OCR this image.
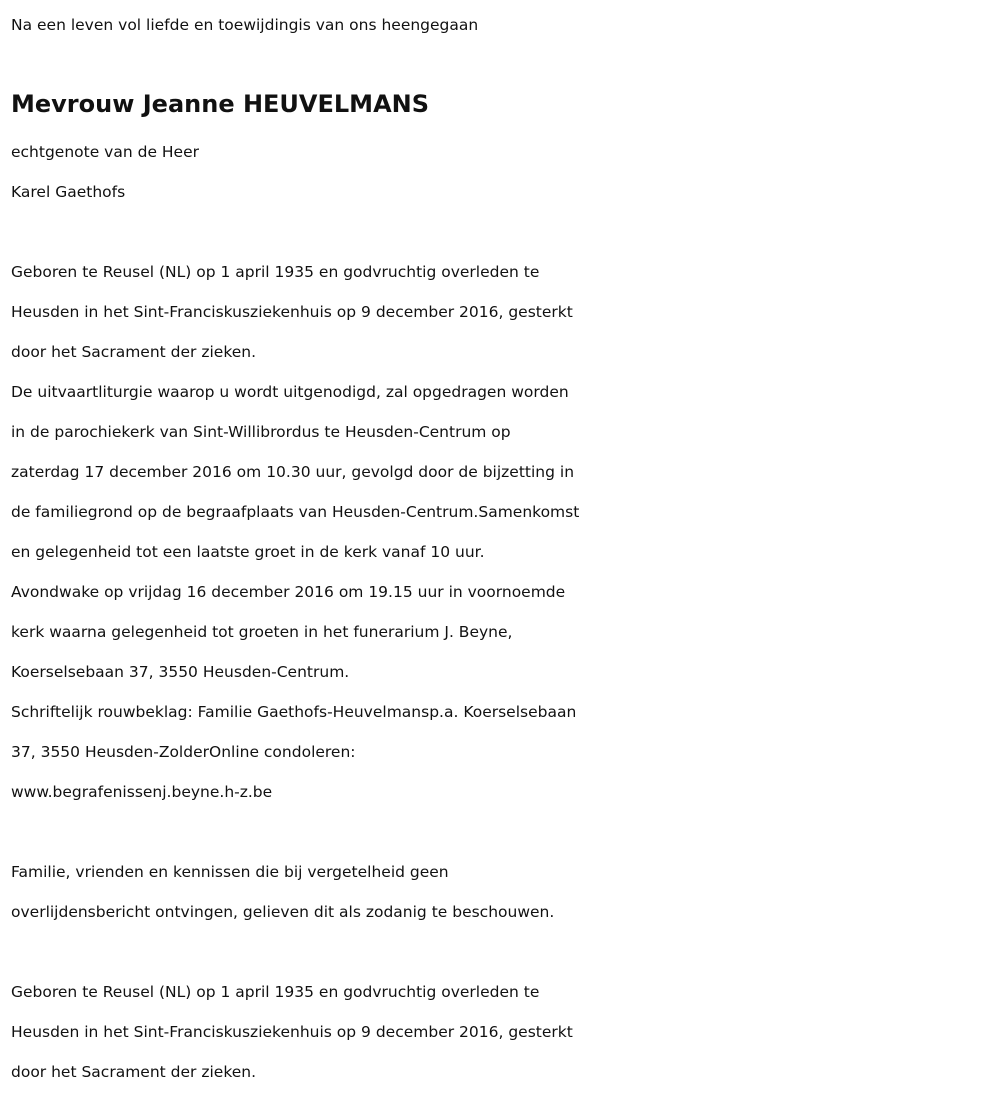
Na een leven vol liefde en toewijdingis van ons heengegaan
Mevrouw Jeanne HEUVELMANS
echtgenote van de Heer
Karel Gaethofs
Geboren te Reusel (NL) op 1 april 1935 en godvruchtig overleden te
Heusden in het Sint-Franciskusziekenhuis op 9 december 2016, gesterkt
door het Sacrament der zieken.
De uitvaartliturgie waarop u wordt uitgenodigd, zal opgedragen worden
in de parochiekerk van Sint-Willibrordus te Heusden-Centrum op
zaterdag 17 december 2016 om 10.30 uur, gevolgd door de bijzetting in
de familiegrond op de begraafplaats van Heusden-Centrum.Samenkomst
en gelegenheid tot een laatste groet in de kerk vanaf 10 uur.
Avondwake op vrijdag 16 december 2016 om 19.15 uur in voornoemde
kerk waarna gelegenheid tot groeten in het funerarium J. Beyne,
Koerselsebaan 37, 3550 Heusden-Centrum.
Schriftelijk rouwbeklag: Familie Gaethofs-Heuvelmansp.a. Koerselsebaan
37, 3550 Heusden-ZolderOnline condoleren:
www.begrafenissenj.beyne.h-z.be
Familie, vrienden en kennissen die bij vergetelheid geen
overlijdensbericht ontvingen, gelieven dit als zodanig te beschouwen.
Geboren te Reusel (NL) op 1 april 1935 en godvruchtig overleden te
Heusden in het Sint-Franciskusziekenhuis op 9 december 2016, gesterkt
door het Sacrament der zieken.
